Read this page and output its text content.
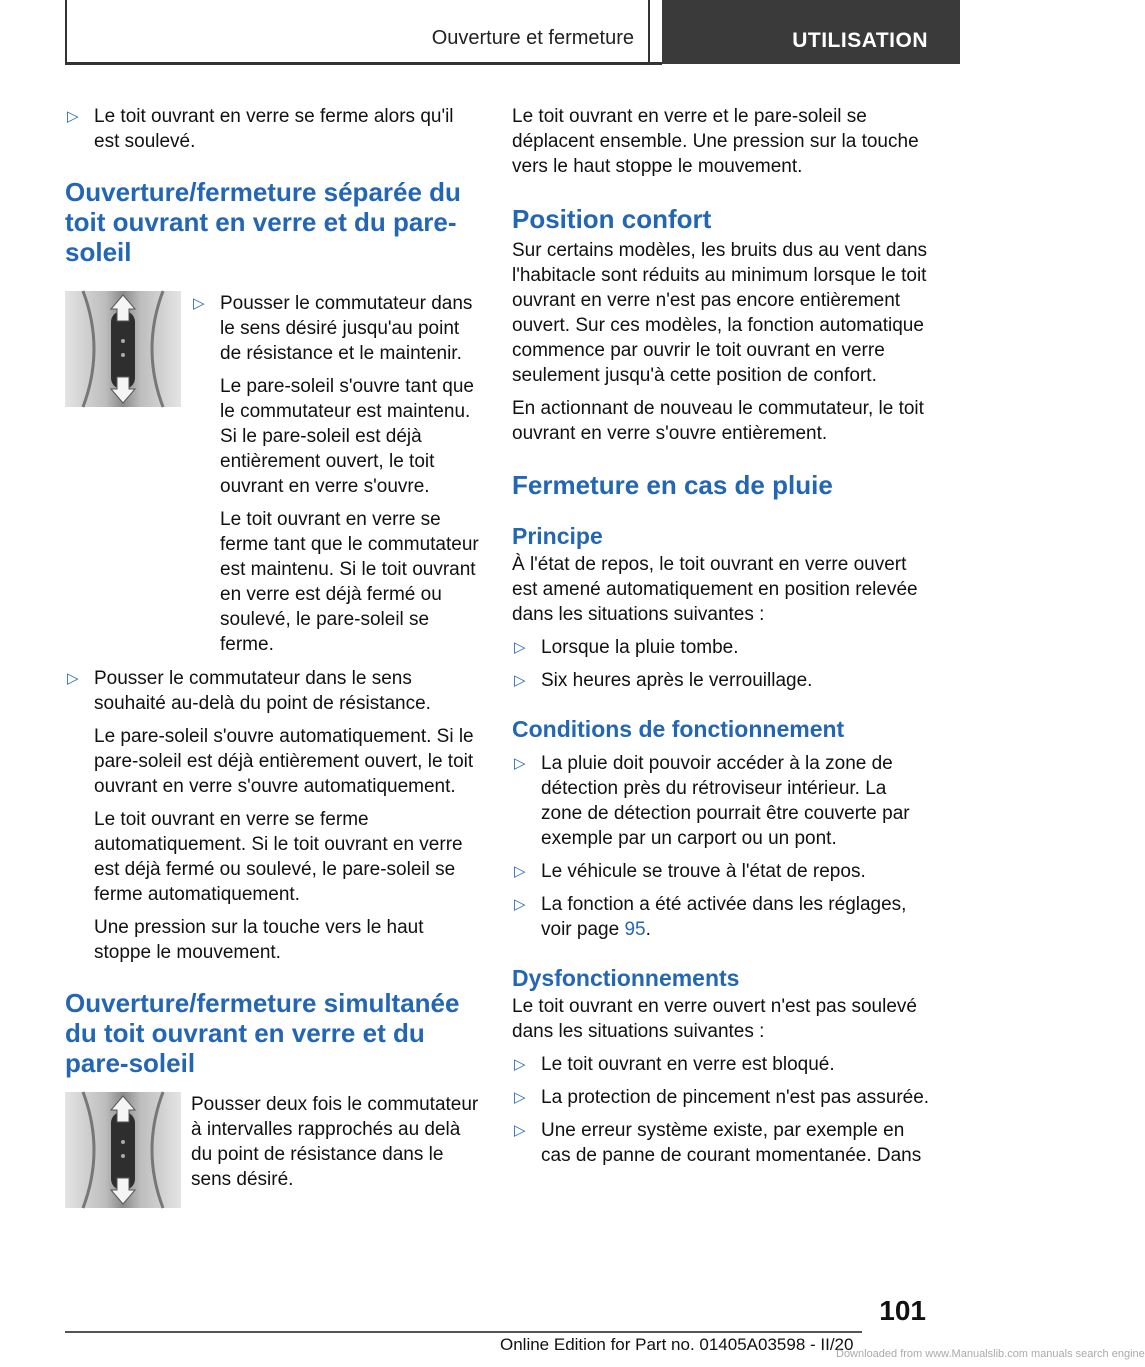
Ouverture et fermeture	UTILISATION
▷ Le toit ouvrant en verre se ferme alors qu'il est soulevé.

Ouverture/fermeture séparée du toit ouvrant en verre et du pare-soleil
▷ Pousser le commutateur dans le sens désiré jusqu'au point de résistance et le maintenir.

Le pare-soleil s'ouvre tant que le commutateur est maintenu. Si le pare-soleil est déjà entièrement ouvert, le toit ouvrant en verre s'ouvre.

Le toit ouvrant en verre se ferme tant que le commutateur est maintenu. Si le toit ouvrant en verre est déjà fermé ou soulevé, le pare-soleil se ferme.

▷ Pousser le commutateur dans le sens souhaité au-delà du point de résistance.

Le pare-soleil s'ouvre automatiquement. Si le pare-soleil est déjà entièrement ouvert, le toit ouvrant en verre s'ouvre automatiquement.

Le toit ouvrant en verre se ferme automatiquement. Si le toit ouvrant en verre est déjà fermé ou soulevé, le pare-soleil se ferme automatiquement.

Une pression sur la touche vers le haut stoppe le mouvement.

Ouverture/fermeture simultanée du toit ouvrant en verre et du pare-soleil

Pousser deux fois le commutateur à intervalles rapprochés au delà du point de résistance dans le sens désiré.

Le toit ouvrant en verre et le pare-soleil se déplacent ensemble. Une pression sur la touche vers le haut stoppe le mouvement.

Position confort

Sur certains modèles, les bruits dus au vent dans l'habitacle sont réduits au minimum lorsque le toit ouvrant en verre n'est pas encore entièrement ouvert. Sur ces modèles, la fonction automatique commence par ouvrir le toit ouvrant en verre seulement jusqu'à cette position de confort.

En actionnant de nouveau le commutateur, le toit ouvrant en verre s'ouvre entièrement.

Fermeture en cas de pluie
Principe

À l'état de repos, le toit ouvrant en verre ouvert est amené automatiquement en position relevée dans les situations suivantes :

▷ Lorsque la pluie tombe.

▷ Six heures après le verrouillage.

Conditions de fonctionnement
▷ La pluie doit pouvoir accéder à la zone de détection près du rétroviseur intérieur. La zone de détection pourrait être couverte par exemple par un carport ou un pont.

▷ Le véhicule se trouve à l'état de repos.

▷ La fonction a été activée dans les réglages, voir page 95.

Dysfonctionnements

Le toit ouvrant en verre ouvert n'est pas soulevé dans les situations suivantes :

▷ Le toit ouvrant en verre est bloqué.

▷ La protection de pincement n'est pas assurée.

▷ Une erreur système existe, par exemple en cas de panne de courant momentanée. Dans

101
Online Edition for Part no. 01405A03598 - II/20
Downloaded from www.Manualslib.com manuals search engine
